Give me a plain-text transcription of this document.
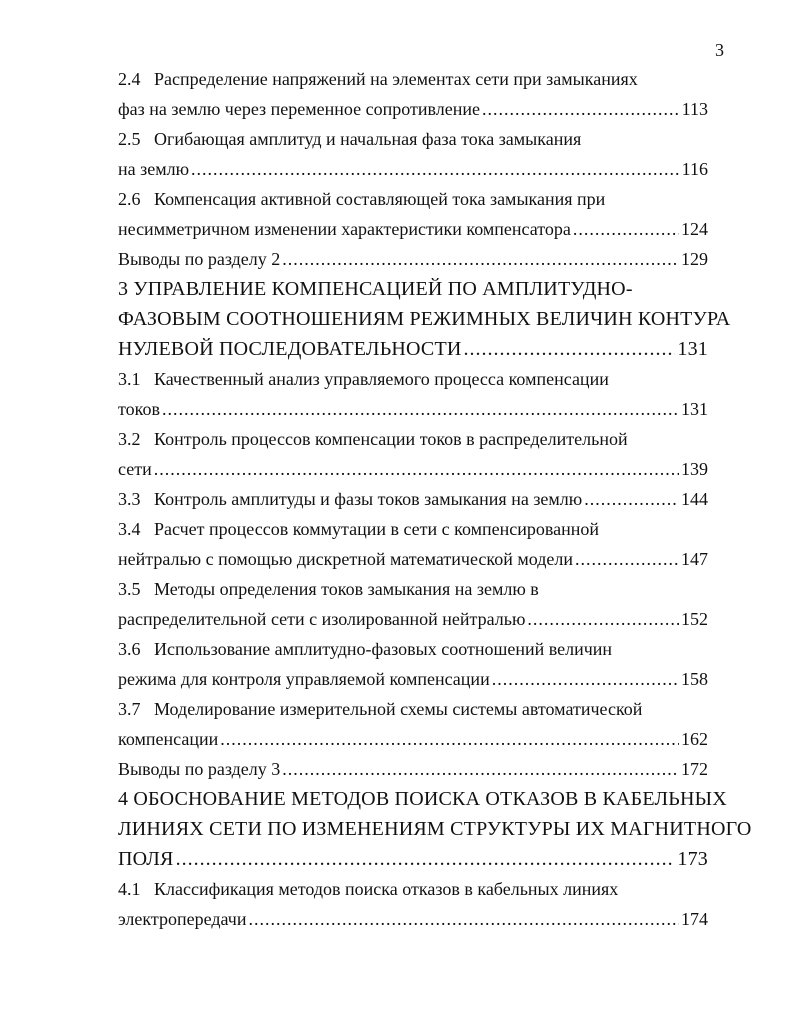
3
2.4 Распределение напряжений на элементах сети при замыканиях
фаз на землю через переменное сопротивление .....	113
2.5 Огибающая амплитуд и начальная фаза тока замыкания
на землю .....	116
2.6 Компенсация активной составляющей тока замыкания при
несимметричном изменении характеристики компенсатора .....	124
Выводы по разделу 2 .....	129
3 УПРАВЛЕНИЕ КОМПЕНСАЦИЕЙ ПО АМПЛИТУДНО-
ФАЗОВЫМ СООТНОШЕНИЯМ РЕЖИМНЫХ ВЕЛИЧИН КОНТУРА
НУЛЕВОЙ ПОСЛЕДОВАТЕЛЬНОСТИ .....	131
3.1 Качественный анализ управляемого процесса компенсации
токов .....	131
3.2 Контроль процессов компенсации токов в распределительной
сети .....	139
3.3 Контроль амплитуды и фазы токов замыкания на землю .....	144
3.4 Расчет процессов коммутации в сети с компенсированной
нейтралью с помощью дискретной математической модели .....	147
3.5 Методы определения токов замыкания на землю в
распределительной сети с изолированной нейтралью .....	152
3.6 Использование амплитудно-фазовых соотношений величин
режима для контроля управляемой компенсации .....	158
3.7 Моделирование измерительной схемы системы автоматической
компенсации .....	162
Выводы по разделу 3 .....	172
4 ОБОСНОВАНИЕ МЕТОДОВ ПОИСКА ОТКАЗОВ В КАБЕЛЬНЫХ
ЛИНИЯХ СЕТИ ПО ИЗМЕНЕНИЯМ СТРУКТУРЫ ИХ МАГНИТНОГО
ПОЛЯ .....	173
4.1 Классификация методов поиска отказов в кабельных линиях
электропередачи .....	174
